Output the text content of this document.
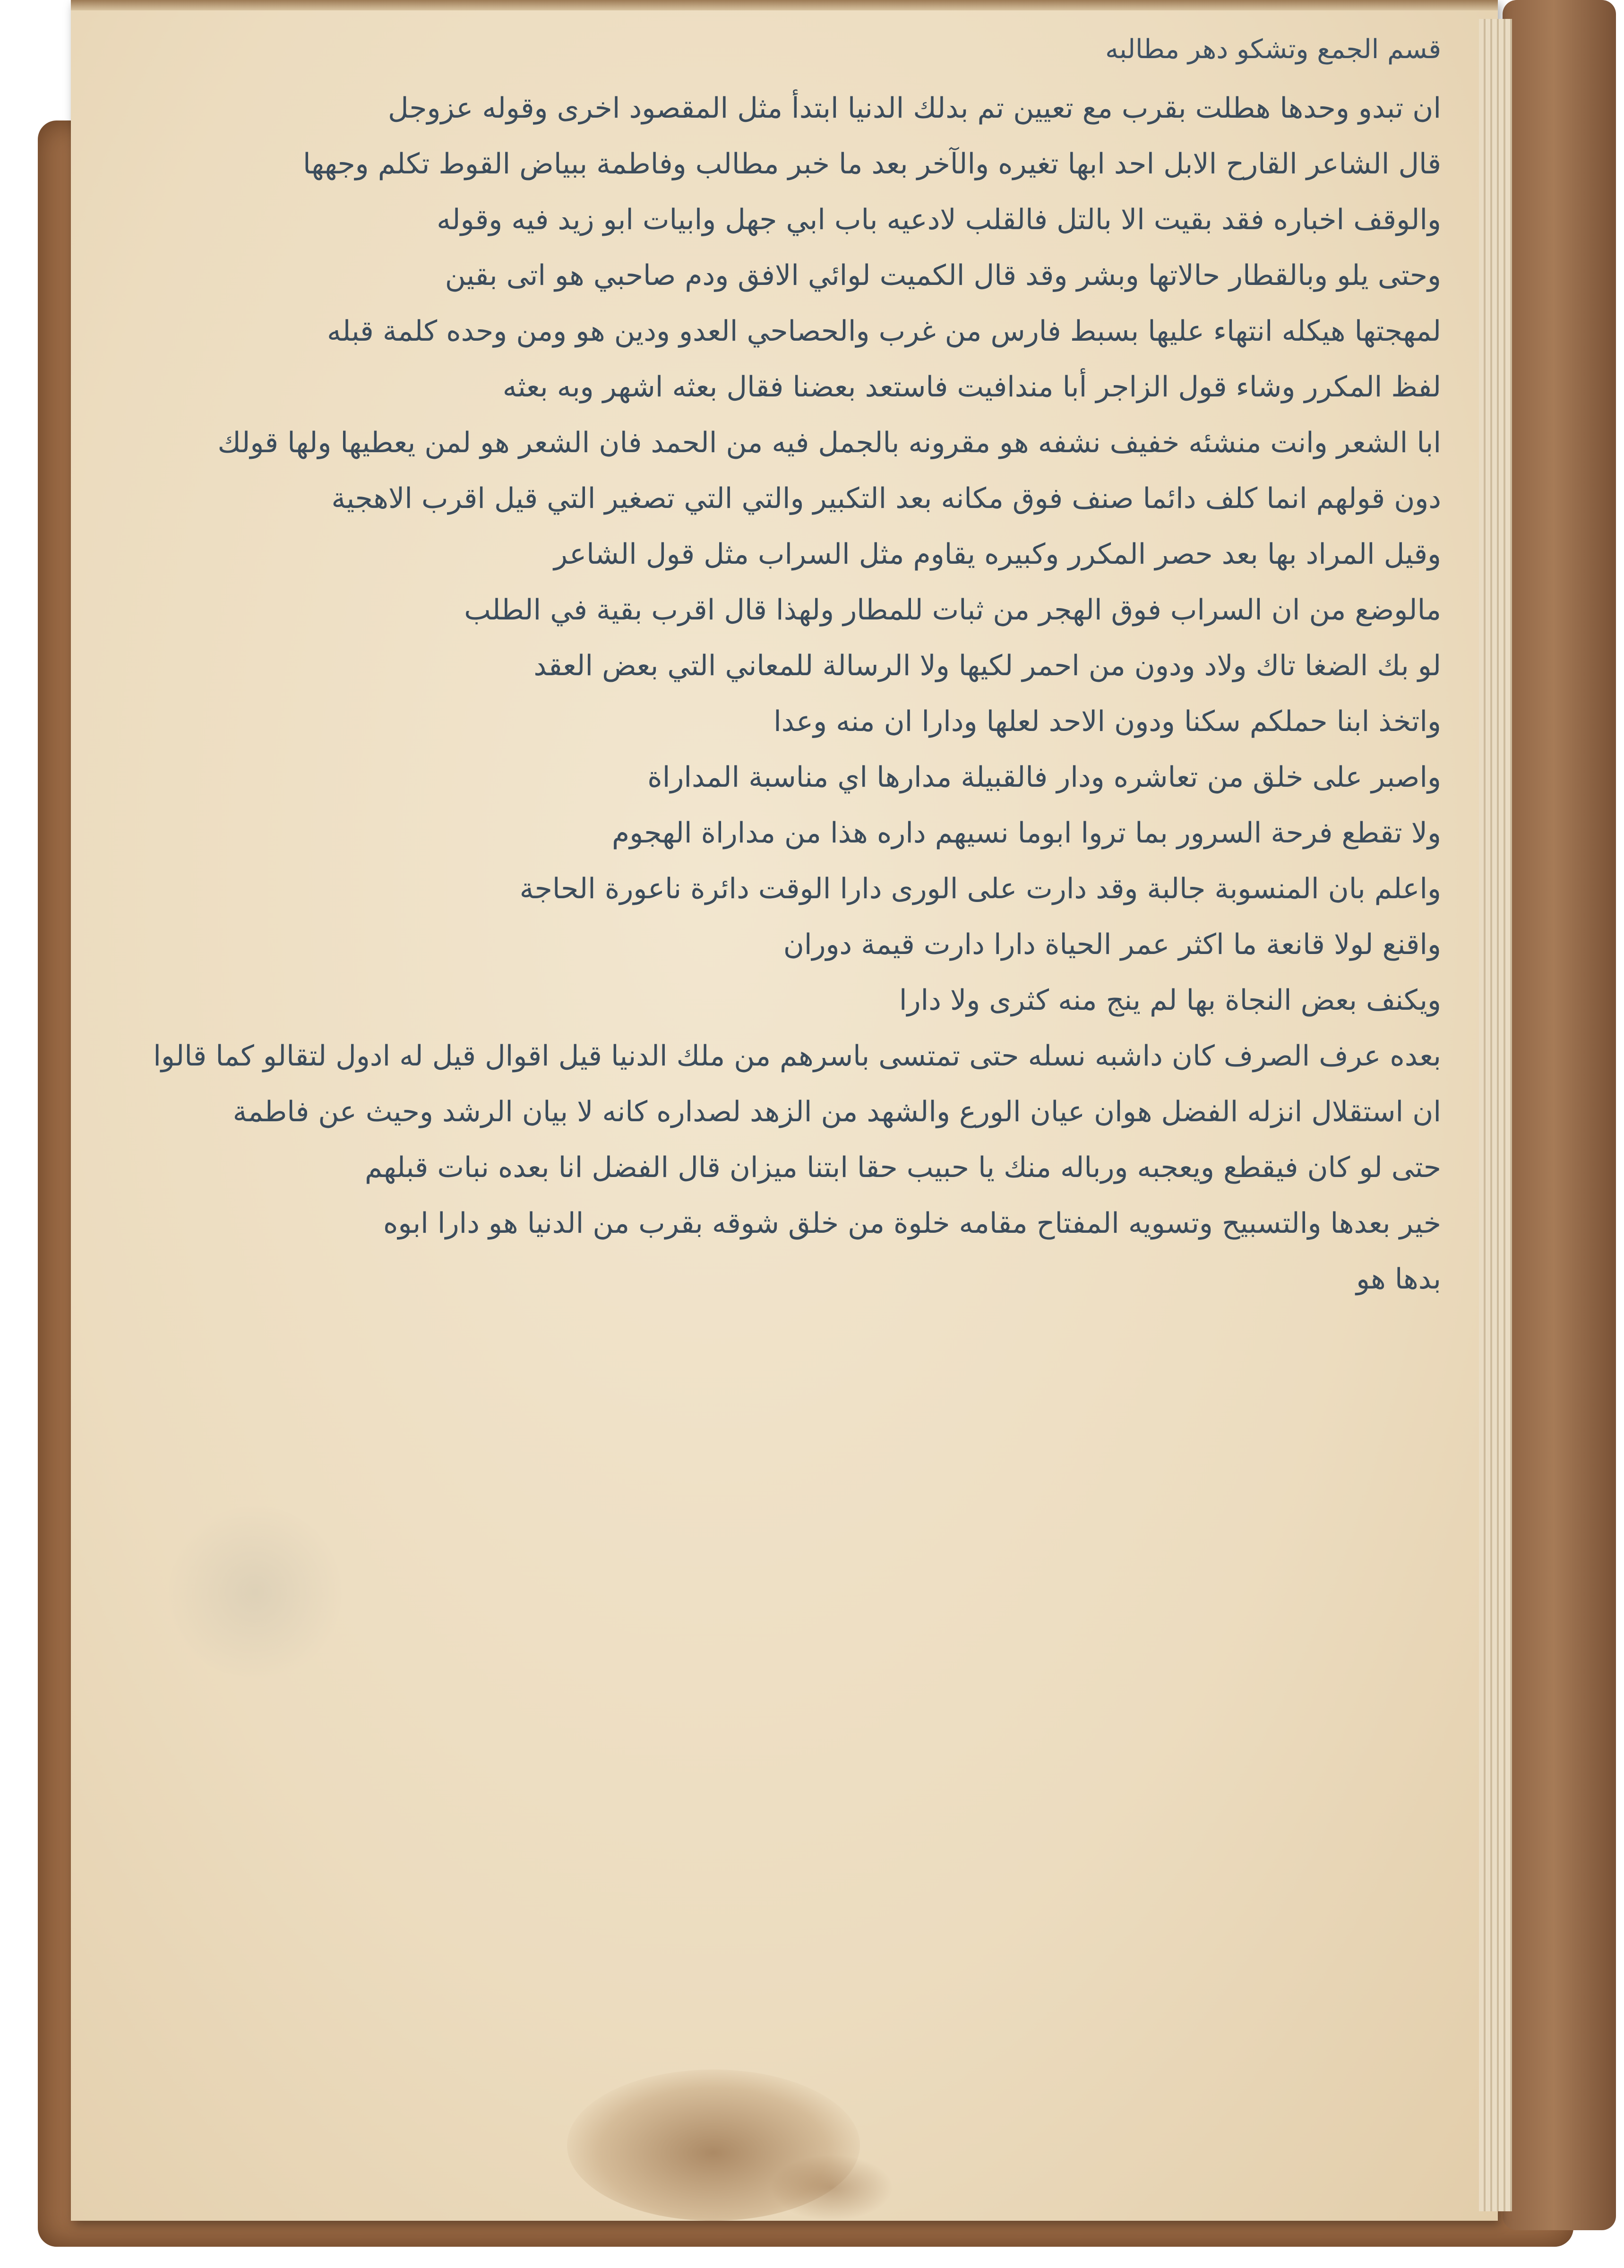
قسم الجمع وتشكو دهر مطالبه
ان تبدو وحدها هطلت بقرب مع تعيين تم بدلك الدنيا ابتدأ مثل المقصود اخرى وقوله عزوجل
قال الشاعر القارح الابل احد ابها تغيره والآخر بعد ما خبر مطالب وفاطمة ببياض القوط تكلم وجهها
والوقف اخباره فقد بقيت الا بالتل فالقلب لادعيه باب ابي جهل وابيات ابو زيد فيه وقوله
وحتى يلو وبالقطار حالاتها وبشر وقد قال الكميت لوائي الافق ودم صاحبي هو اتى بقين
لمهجتها هيكله انتهاء عليها بسبط فارس من غرب والحصاحي العدو ودين هو ومن وحده كلمة قبله
لفظ المكرر وشاء قول الزاجر أبا مندافيت فاستعد بعضنا فقال بعثه اشهر وبه بعثه
ابا الشعر وانت منشئه خفيف نشفه هو مقرونه بالجمل فيه من الحمد فان الشعر هو لمن يعطيها ولها قولك
دون قولهم انما كلف دائما صنف فوق مكانه بعد التكبير والتي التي تصغير التي قيل اقرب الاهجية
وقيل المراد بها بعد حصر المكرر وكبيره يقاوم مثل السراب مثل قول الشاعر
مالوضع من ان السراب فوق الهجر من ثبات للمطار ولهذا قال اقرب بقية في الطلب
لو بك الضغا تاك ولاد ودون من احمر لكيها ولا الرسالة للمعاني التي بعض العقد
واتخذ ابنا حملكم سكنا ودون الاحد لعلها ودارا ان منه وعدا
واصبر على خلق من تعاشره ودار فالقبيلة مدارها اي مناسبة المداراة
ولا تقطع فرحة السرور بما تروا ابوما نسيهم داره هذا من مداراة الهجوم
واعلم بان المنسوبة جالبة وقد دارت على الورى دارا الوقت دائرة ناعورة الحاجة
واقنع لولا قانعة ما اكثر عمر الحياة دارا دارت قيمة دوران
ويكنف بعض النجاة بها لم ينج منه كثرى ولا دارا
بعده عرف الصرف كان داشبه نسله حتى تمتسى باسرهم من ملك الدنيا قيل اقوال قيل له ادول لتقالو كما قالوا
ان استقلال انزله الفضل هوان عيان الورع والشهد من الزهد لصداره كانه لا بيان الرشد وحيث عن فاطمة
حتى لو كان فيقطع ويعجبه ورباله منك يا حبيب حقا ابتنا ميزان قال الفضل انا بعده نبات قبلهم
خير بعدها والتسبيح وتسويه المفتاح مقامه خلوة من خلق شوقه بقرب من الدنيا هو دارا ابوه
بدها هو
